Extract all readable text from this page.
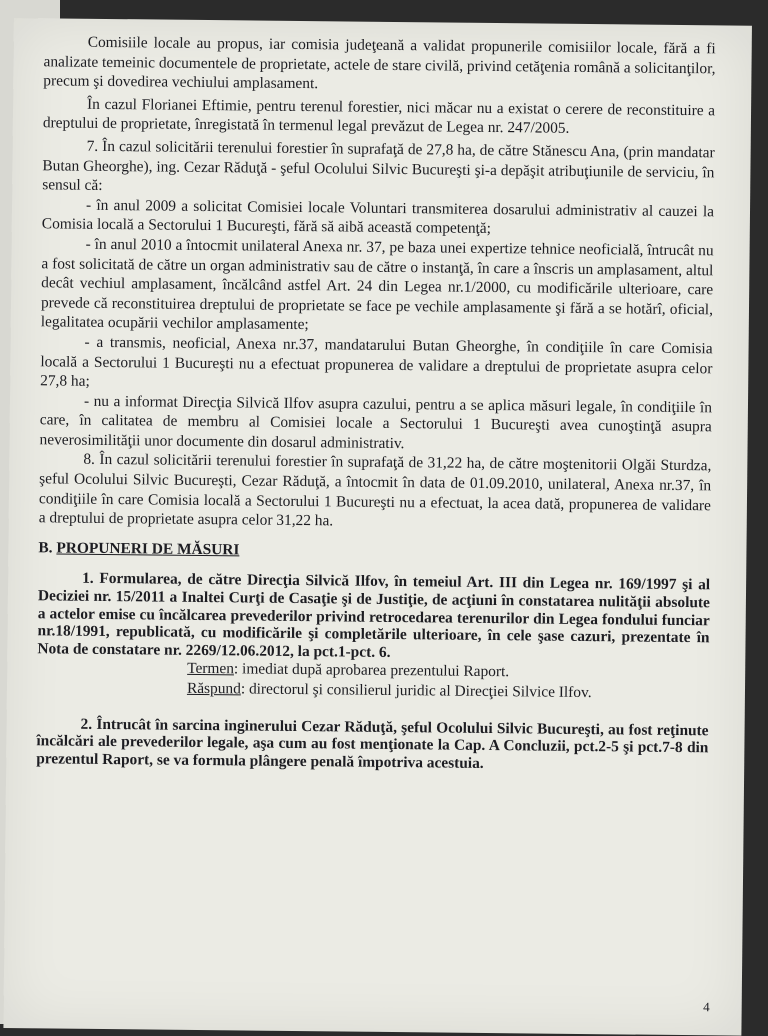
Comisiile locale au propus, iar comisia judeţeană a validat propunerile comisiilor locale, fără a fi analizate temeinic documentele de proprietate, actele de stare civilă, privind cetăţenia română a solicitanţilor, precum şi dovedirea vechiului amplasament.

În cazul Florianei Eftimie, pentru terenul forestier, nici măcar nu a existat o cerere de reconstituire a dreptului de proprietate, înregistată în termenul legal prevăzut de Legea nr. 247/2005.

7. În cazul solicitării terenului forestier în suprafaţă de 27,8 ha, de către Stănescu Ana, (prin mandatar Butan Gheorghe), ing. Cezar Răduţă - şeful Ocolului Silvic Bucureşti şi-a depăşit atribuţiunile de serviciu, în sensul că:

- în anul 2009 a solicitat Comisiei locale Voluntari transmiterea dosarului administrativ al cauzei la Comisia locală a Sectorului 1 Bucureşti, fără să aibă această competenţă;

- în anul 2010 a întocmit unilateral Anexa nr. 37, pe baza unei expertize tehnice neoficială, întrucât nu a fost solicitată de către un organ administrativ sau de către o instanţă, în care a înscris un amplasament, altul decât vechiul amplasament, încălcând astfel Art. 24 din Legea nr.1/2000, cu modificările ulterioare, care prevede că reconstituirea dreptului de proprietate se face pe vechile amplasamente şi fără a se hotărî, oficial, legalitatea ocupării vechilor amplasamente;

- a transmis, neoficial, Anexa nr.37, mandatarului Butan Gheorghe, în condiţiile în care Comisia locală a Sectorului 1 Bucureşti nu a efectuat propunerea de validare a dreptului de proprietate asupra celor 27,8 ha;

- nu a informat Direcţia Silvică Ilfov asupra cazului, pentru a se aplica măsuri legale, în condiţiile în care, în calitatea de membru al Comisiei locale a Sectorului 1 Bucureşti avea cunoştinţă asupra neverosimilităţii unor documente din dosarul administrativ.

8. În cazul solicitării terenului forestier în suprafaţă de 31,22 ha, de către moştenitorii Olgăi Sturdza, şeful Ocolului Silvic Bucureşti, Cezar Răduţă, a întocmit în data de 01.09.2010, unilateral, Anexa nr.37, în condiţiile în care Comisia locală a Sectorului 1 Bucureşti nu a efectuat, la acea dată, propunerea de validare a dreptului de proprietate asupra celor 31,22 ha.

B. PROPUNERI DE MĂSURI

1. Formularea, de către Direcţia Silvică Ilfov, în temeiul Art. III din Legea nr. 169/1997 şi al Deciziei nr. 15/2011 a Inaltei Curţi de Casaţie şi de Justiţie, de acţiuni în constatarea nulităţii absolute a actelor emise cu încălcarea prevederilor privind retrocedarea terenurilor din Legea fondului funciar nr.18/1991, republicată, cu modificările şi completările ulterioare, în cele şase cazuri, prezentate în Nota de constatare nr. 2269/12.06.2012, la pct.1-pct. 6.

Termen: imediat după aprobarea prezentului Raport.

Răspund: directorul şi consilierul juridic al Direcţiei Silvice Ilfov.

2. Întrucât în sarcina inginerului Cezar Răduţă, şeful Ocolului Silvic Bucureşti, au fost reţinute încălcări ale prevederilor legale, aşa cum au fost menţionate la Cap. A Concluzii, pct.2-5 şi pct.7-8 din prezentul Raport, se va formula plângere penală împotriva acestuia.

4
